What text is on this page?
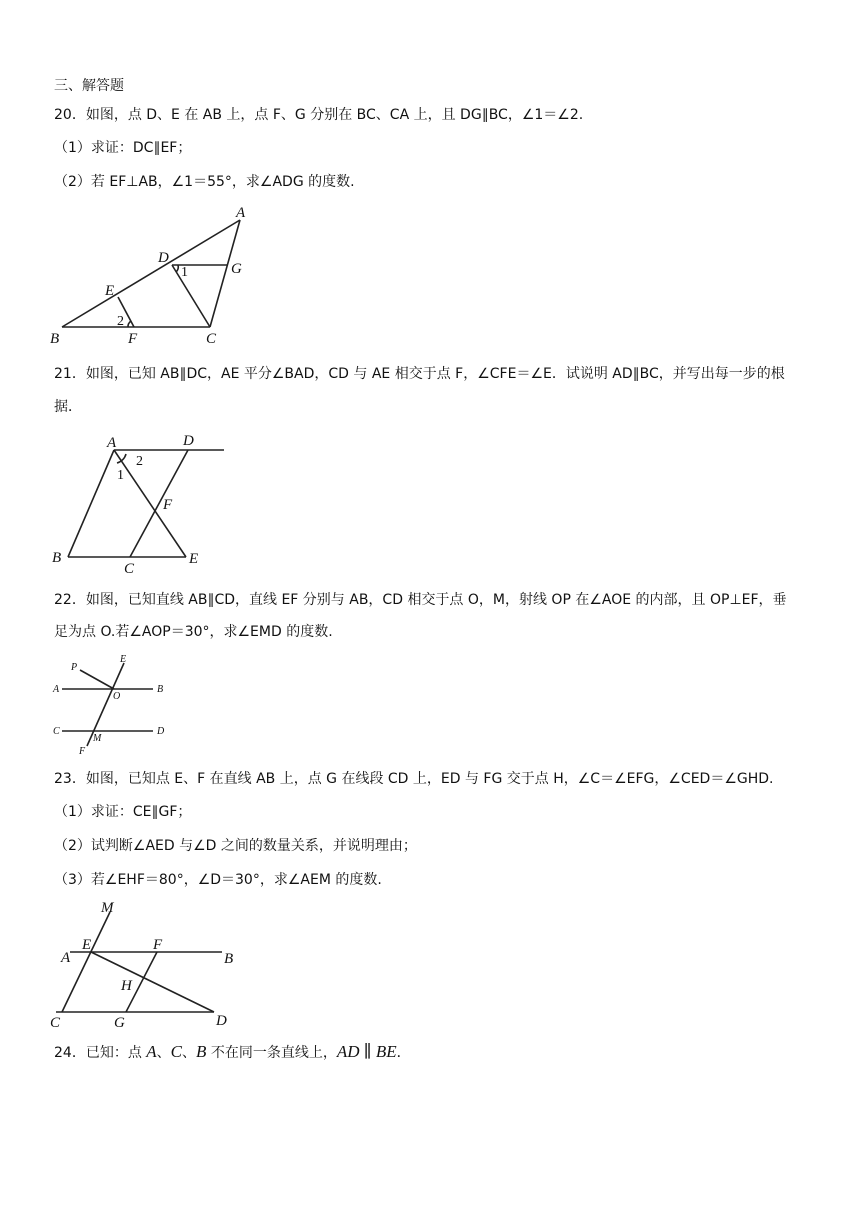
三、解答题
20．如图，点 D、E 在 AB 上，点 F、G 分别在 BC、CA 上，且 DG∥BC，∠1＝∠2.
（1）求证：DC∥EF；
（2）若 EF⊥AB，∠1＝55°，求∠ADG 的度数.
21．如图，已知 AB∥DC，AE 平分∠BAD，CD 与 AE 相交于点 F，∠CFE＝∠E．试说明 AD∥BC，并写出每一步的根
据．
22．如图，已知直线 AB∥CD，直线 EF 分别与 AB，CD 相交于点 O，M，射线 OP 在∠AOE 的内部，且 OP⊥EF，垂
足为点 O.若∠AOP＝30°，求∠EMD 的度数.
23．如图，已知点 E、F 在直线 AB 上，点 G 在线段 CD 上，ED 与 FG 交于点 H，∠C＝∠EFG，∠CED＝∠GHD.
（1）求证：CE∥GF；
（2）试判断∠AED 与∠D 之间的数量关系，并说明理由；
（3）若∠EHF＝80°，∠D＝30°，求∠AEM 的度数.
24．已知：点 A、C、B 不在同一条直线上，AD ∥ BE．
A
D
G
1
E
2
B	F	C
A	D
2
1
F
B
C
E
P
E
A
O
B
C
M
D
F
M
E	F
A	B
H
C	G	D
